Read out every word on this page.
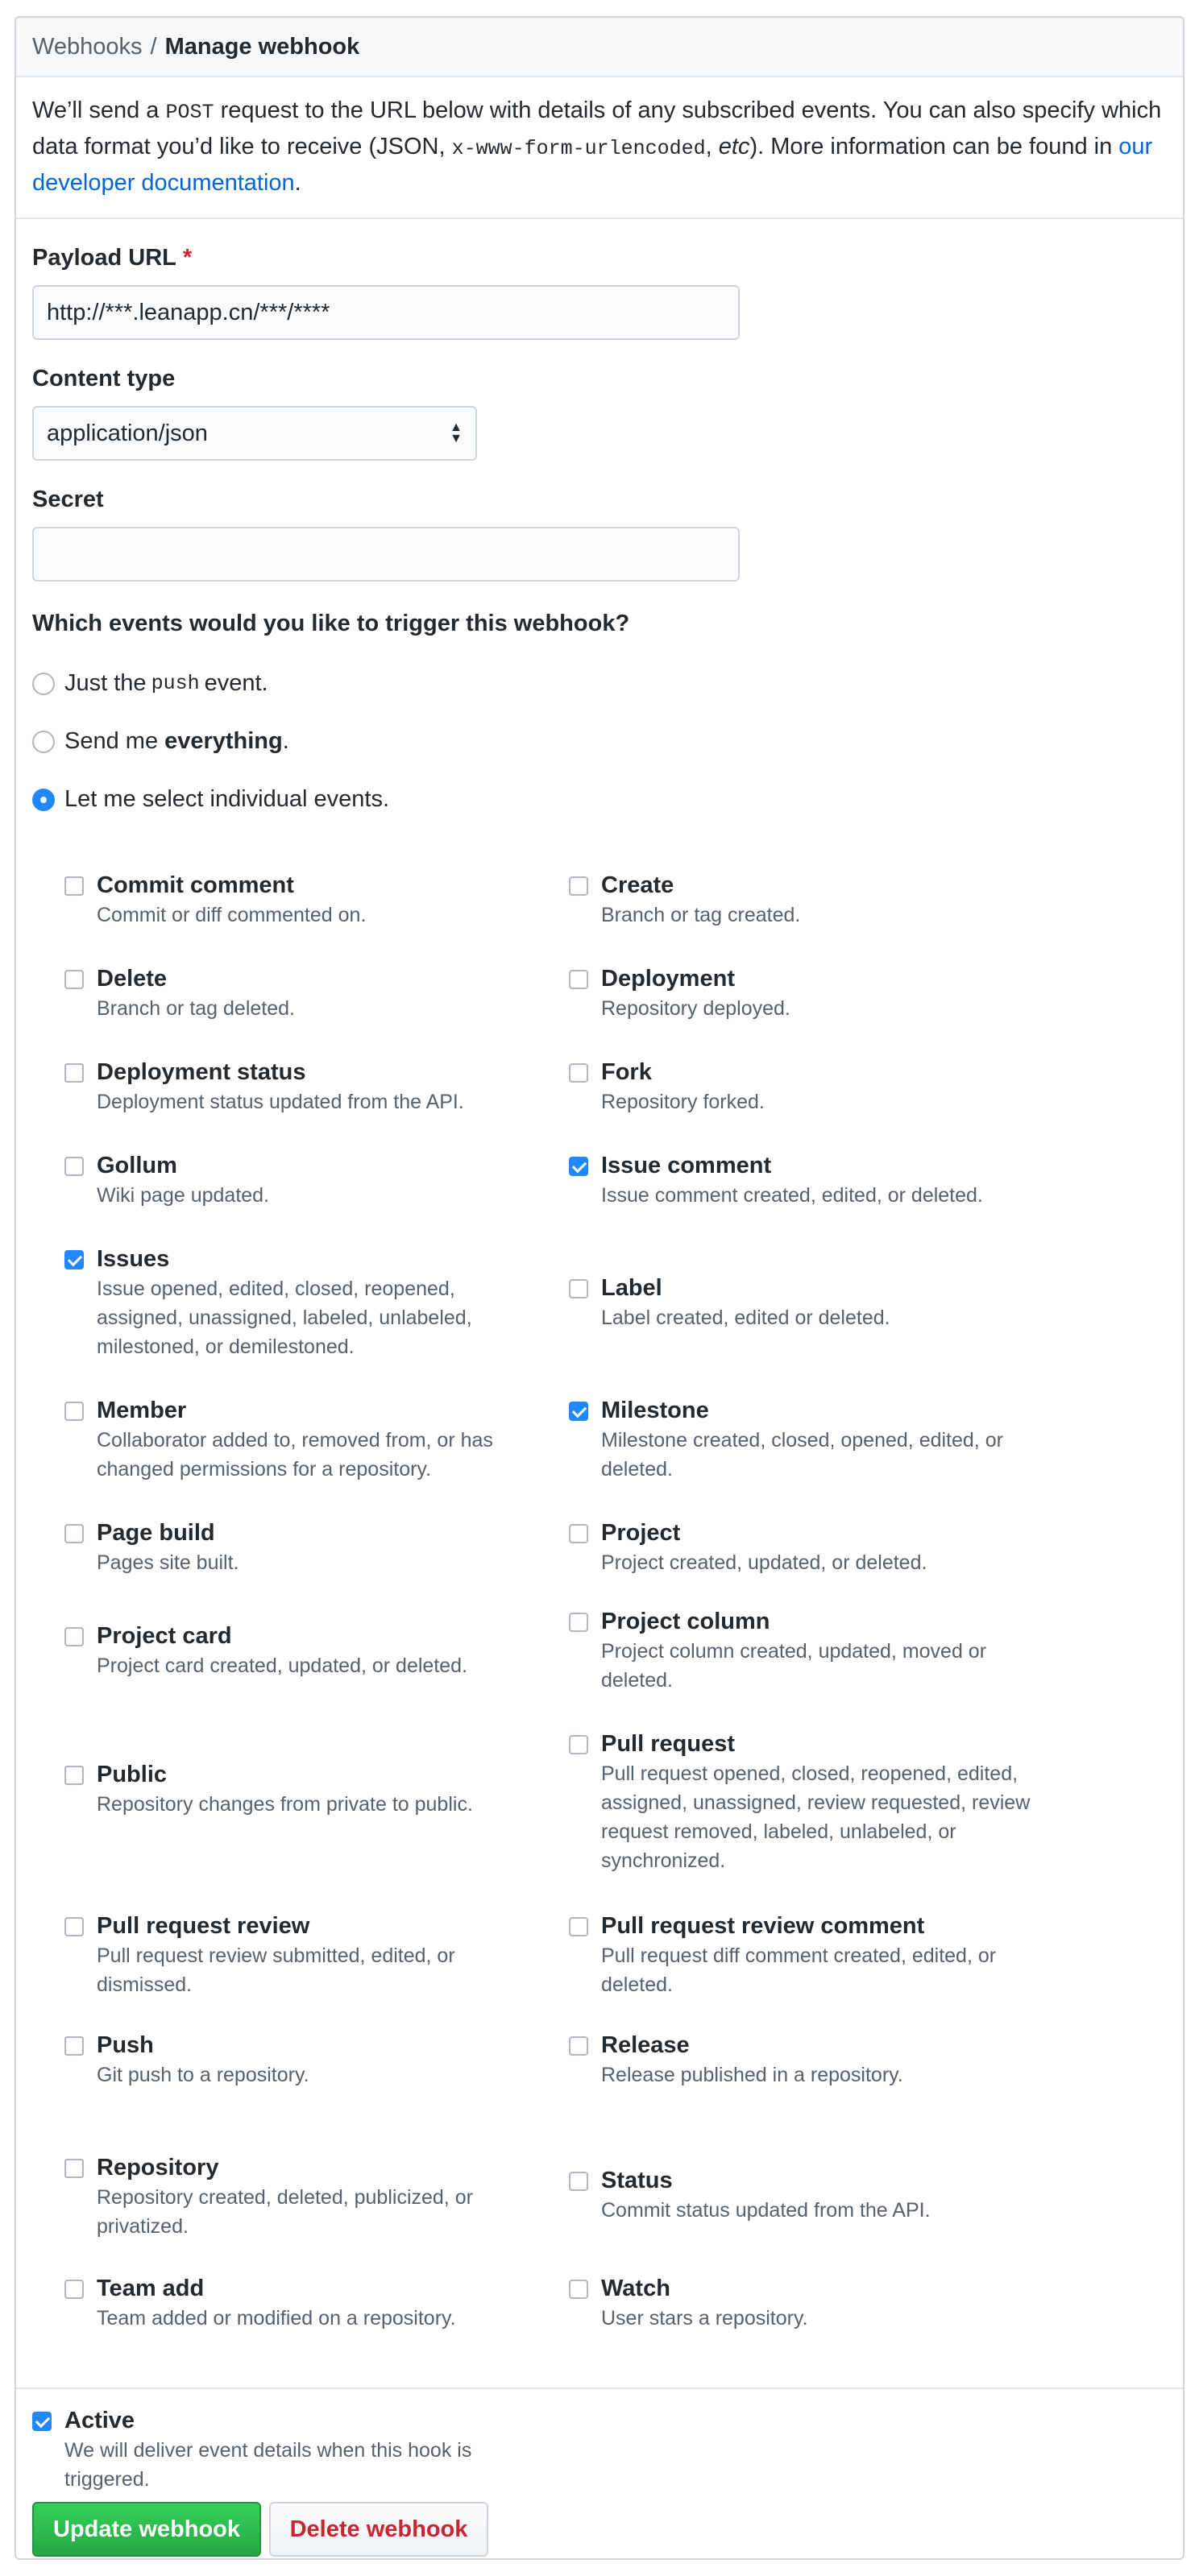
Webhooks / Manage webhook
We’ll send a POST request to the URL below with details of any subscribed events. You can also specify which data format you’d like to receive (JSON, x-www-form-urlencoded, etc). More information can be found in our developer documentation.
Payload URL *
http://***.leanapp.cn/***/****
Content type
application/json	▲
▼
Secret
Which events would you like to trigger this webhook?
Just the push event.
Send me everything .
Let me select individual events.
Commit comment
Commit or diff commented on.
Create
Branch or tag created.
Delete
Branch or tag deleted.
Deployment
Repository deployed.
Deployment status
Deployment status updated from the API.
Fork
Repository forked.
Gollum
Wiki page updated.
Issue comment
Issue comment created, edited, or deleted.
Issues
Issue opened, edited, closed, reopened, assigned, unassigned, labeled, unlabeled, milestoned, or demilestoned.
Label
Label created, edited or deleted.
Member
Collaborator added to, removed from, or has changed permissions for a repository.
Milestone
Milestone created, closed, opened, edited, or deleted.
Page build
Pages site built.
Project
Project created, updated, or deleted.
Project card
Project card created, updated, or deleted.
Project column
Project column created, updated, moved or deleted.
Public
Repository changes from private to public.
Pull request
Pull request opened, closed, reopened, edited, assigned, unassigned, review requested, review request removed, labeled, unlabeled, or synchronized.
Pull request review
Pull request review submitted, edited, or dismissed.
Pull request review comment
Pull request diff comment created, edited, or deleted.
Push
Git push to a repository.
Release
Release published in a repository.
Repository
Repository created, deleted, publicized, or privatized.
Status
Commit status updated from the API.
Team add
Team added or modified on a repository.
Watch
User stars a repository.
Active
We will deliver event details when this hook is triggered.
Update webhook	Delete webhook
